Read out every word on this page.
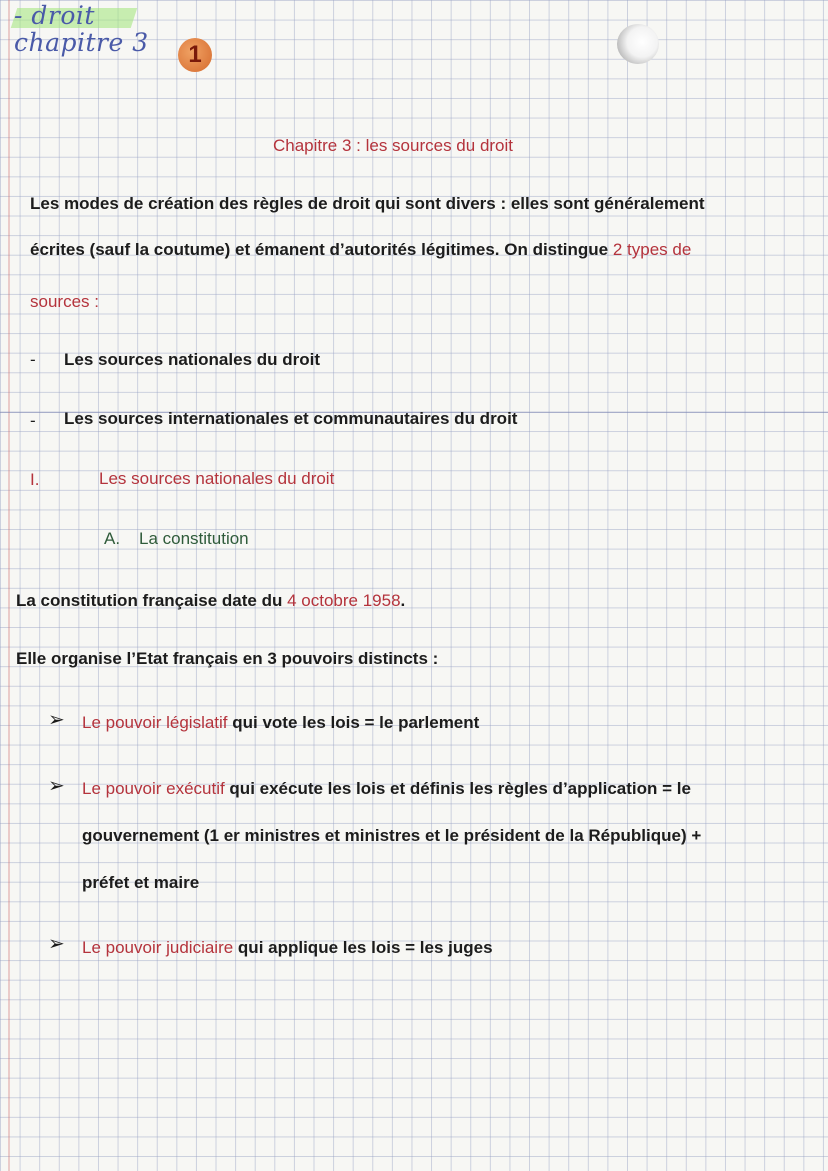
- droit
chapitre 3	1
Chapitre 3 : les sources du droit
Les modes de création des règles de droit qui sont divers : elles sont généralement
écrites (sauf la coutume) et émanent d’autorités légitimes. On distingue 2 types de
sources :
- Les sources nationales du droit
- Les sources internationales et communautaires du droit
I.	Les sources nationales du droit
A. La constitution
La constitution française date du 4 octobre 1958.
Elle organise l’Etat français en 3 pouvoirs distincts :
➢ Le pouvoir législatif qui vote les lois = le parlement
➢ Le pouvoir exécutif qui exécute les lois et définis les règles d’application = le
gouvernement (1 er ministres et ministres et le président de la République) +
préfet et maire
➢ Le pouvoir judiciaire qui applique les lois = les juges
